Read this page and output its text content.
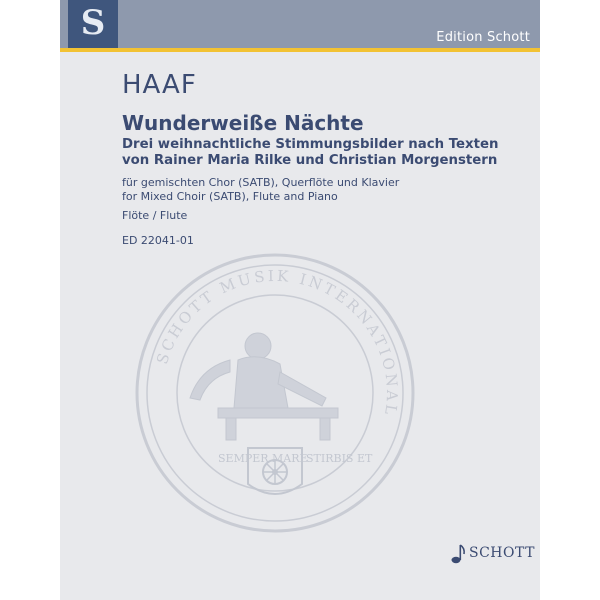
S	Edition Schott
HAAF
Wunderweiße Nächte
Drei weihnachtliche Stimmungsbilder nach Texten
von Rainer Maria Rilke und Christian Morgenstern
für gemischten Chor (SATB), Querflöte und Klavier
for Mixed Choir (SATB), Flute and Piano
Flöte / Flute
ED 22041-01
SCHOTT MUSIK INTERNATIONAL
SEMPER MARE
STIRBIS ET
SCHOTT
